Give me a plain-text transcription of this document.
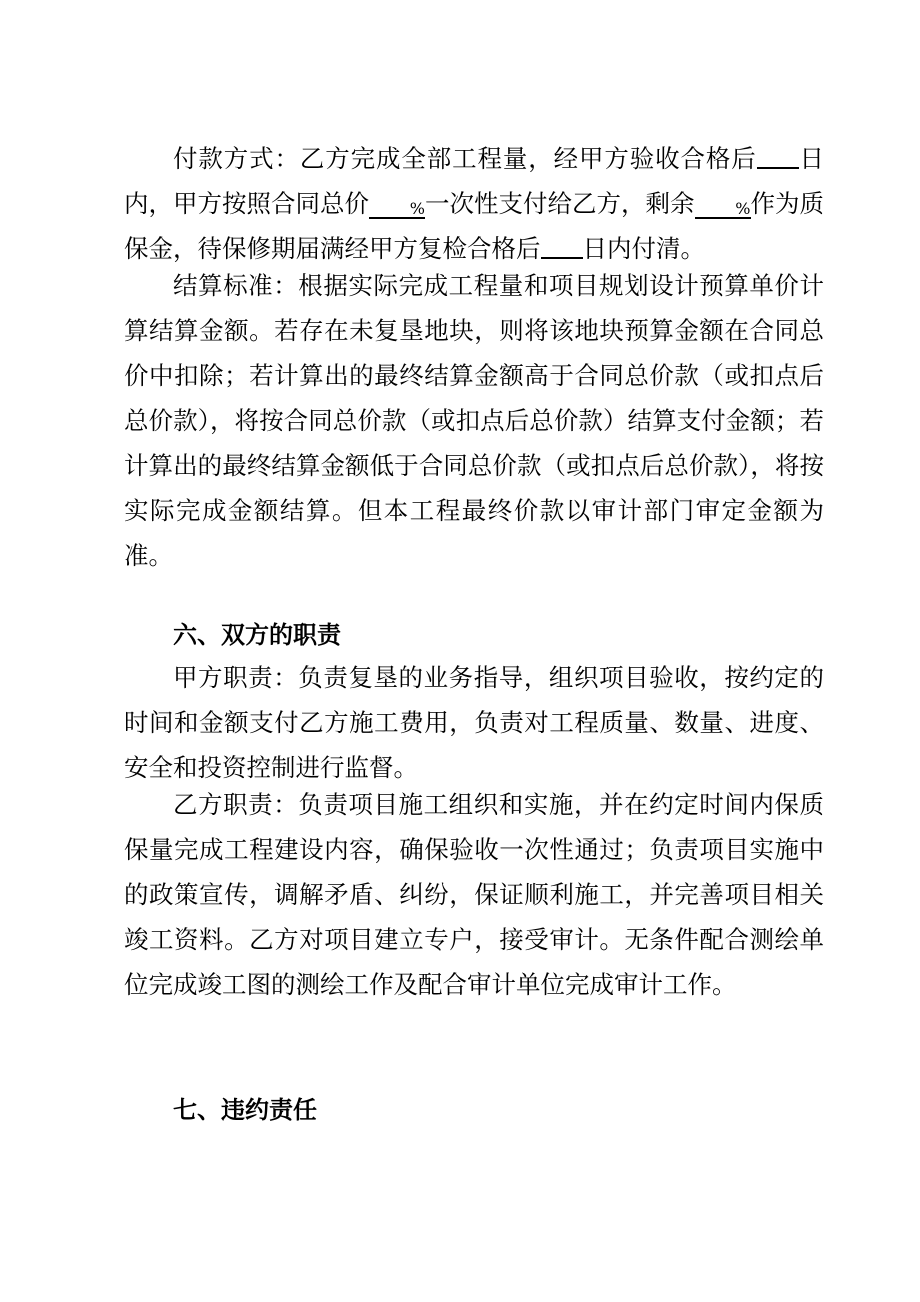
付款方式：乙方完成全部工程量，经甲方验收合格后 日内，甲方按照合同总价	%一次性支付给乙方，剩余	%作为质保金，待保修期届满经甲方复检合格后 日内付清。

结算标准：根据实际完成工程量和项目规划设计预算单价计算结算金额。若存在未复垦地块，则将该地块预算金额在合同总价中扣除；若计算出的最终结算金额高于合同总价款（或扣点后总价款），将按合同总价款（或扣点后总价款）结算支付金额；若计算出的最终结算金额低于合同总价款（或扣点后总价款），将按实际完成金额结算。但本工程最终价款以审计部门审定金额为准。

六、双方的职责

甲方职责：负责复垦的业务指导，组织项目验收，按约定的时间和金额支付乙方施工费用，负责对工程质量、数量、进度、安全和投资控制进行监督。

乙方职责：负责项目施工组织和实施，并在约定时间内保质保量完成工程建设内容，确保验收一次性通过；负责项目实施中的政策宣传，调解矛盾、纠纷，保证顺利施工，并完善项目相关竣工资料。乙方对项目建立专户，接受审计。无条件配合测绘单位完成竣工图的测绘工作及配合审计单位完成审计工作。

七、违约责任
